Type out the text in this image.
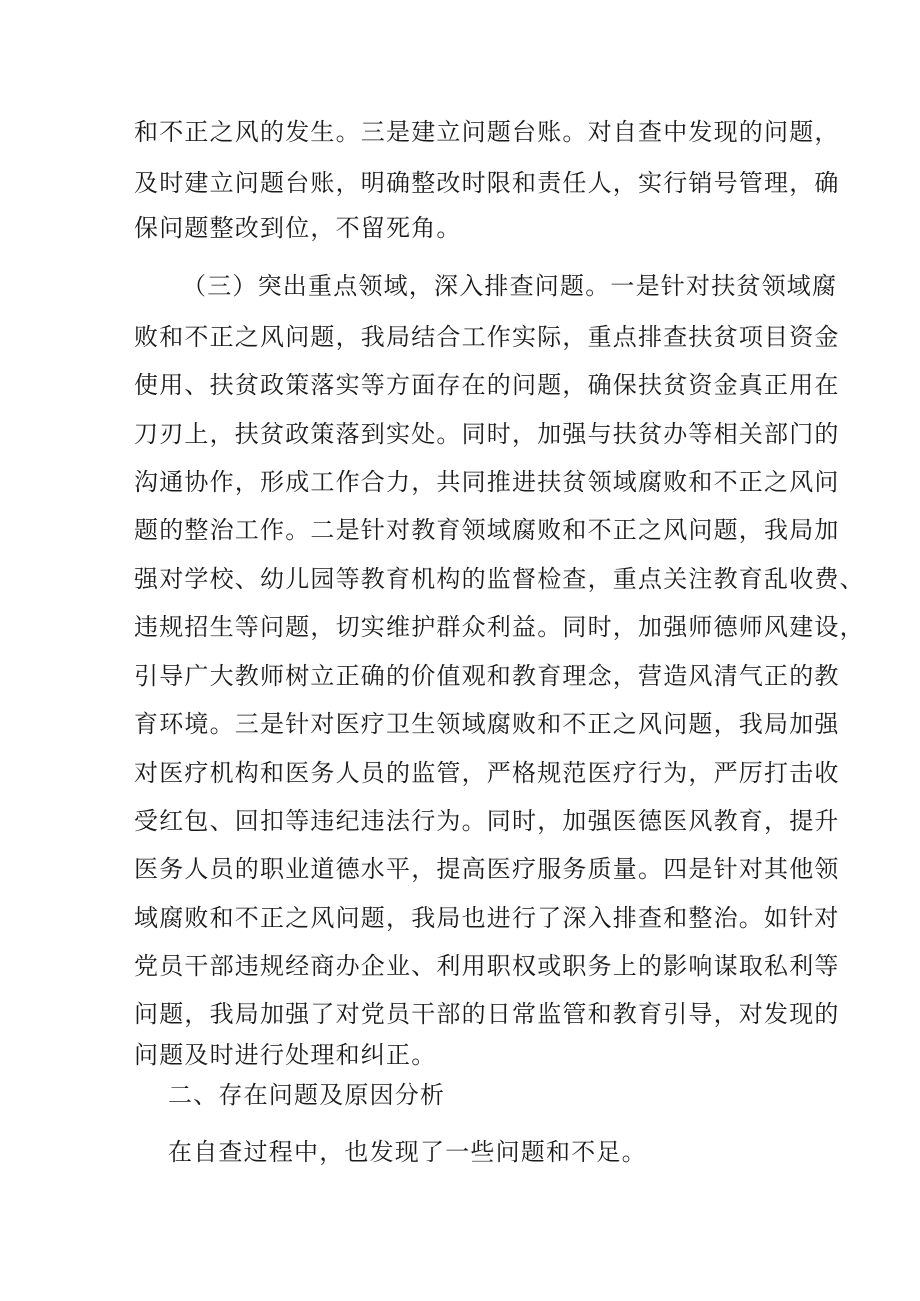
和不正之风的发生。三是建立问题台账。对自查中发现的问题，
及时建立问题台账，明确整改时限和责任人，实行销号管理，确
保问题整改到位，不留死角。
（三）突出重点领域，深入排查问题。一是针对扶贫领域腐
败和不正之风问题，我局结合工作实际，重点排查扶贫项目资金
使用、扶贫政策落实等方面存在的问题，确保扶贫资金真正用在
刀刃上，扶贫政策落到实处。同时，加强与扶贫办等相关部门的
沟通协作，形成工作合力，共同推进扶贫领域腐败和不正之风问
题的整治工作。二是针对教育领域腐败和不正之风问题，我局加
强对学校、幼儿园等教育机构的监督检查，重点关注教育乱收费、
违规招生等问题，切实维护群众利益。同时，加强师德师风建设，
引导广大教师树立正确的价值观和教育理念，营造风清气正的教
育环境。三是针对医疗卫生领域腐败和不正之风问题，我局加强
对医疗机构和医务人员的监管，严格规范医疗行为，严厉打击收
受红包、回扣等违纪违法行为。同时，加强医德医风教育，提升
医务人员的职业道德水平，提高医疗服务质量。四是针对其他领
域腐败和不正之风问题，我局也进行了深入排查和整治。如针对
党员干部违规经商办企业、利用职权或职务上的影响谋取私利等
问题，我局加强了对党员干部的日常监管和教育引导，对发现的
问题及时进行处理和纠正。
二、存在问题及原因分析
在自查过程中，也发现了一些问题和不足。
